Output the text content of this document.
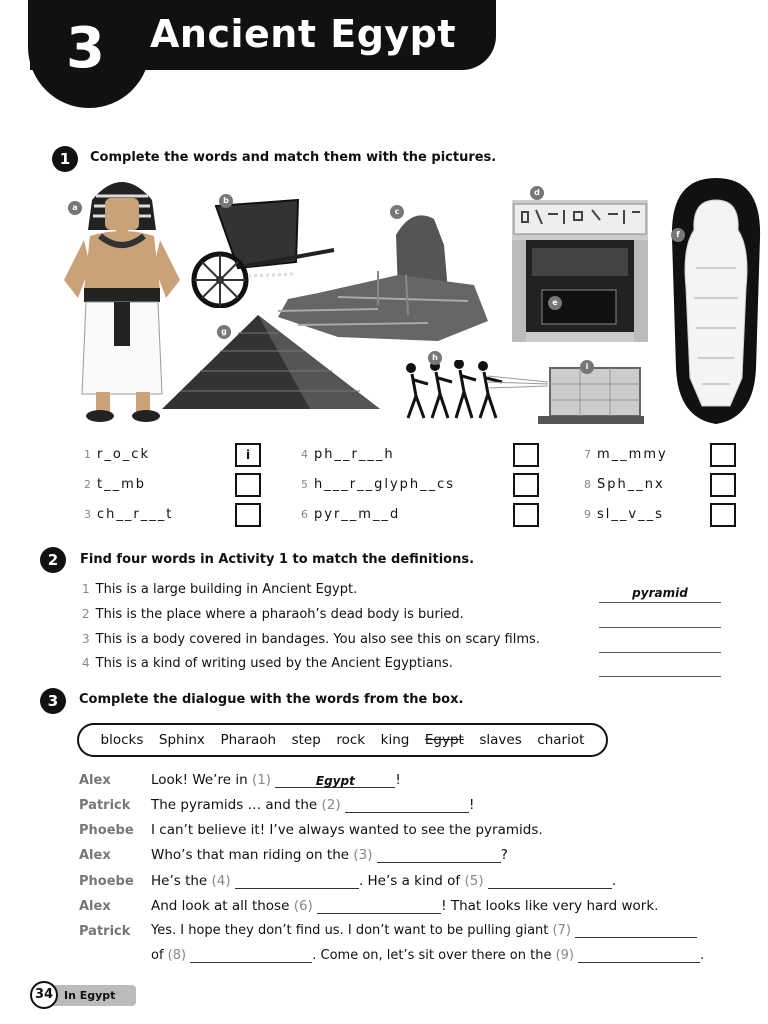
3 Ancient Egypt
1	Complete the words and match them with the pictures.
a
b
c
d
e
f
g
h
i
1 r_o_ck	i
2 t__mb
3 ch__r___t
4 ph__r___h
5 h___r__glyph__cs
6 pyr__m__d
7 m__mmy
8 Sph__nx
9 sl__v__s
2	Find four words in Activity 1 to match the definitions.
1 This is a large building in Ancient Egypt.	pyramid
2 This is the place where a pharaoh’s dead body is buried.
3 This is a body covered in bandages. You also see this on scary films.
4 This is a kind of writing used by the Ancient Egyptians.
3	Complete the dialogue with the words from the box.
blocks Sphinx Pharaoh step rock king Egypt slaves chariot
Alex	Look! We’re in (1)	Egypt	!
Patrick The pyramids … and the (2)	!
Phoebe I can’t believe it! I’ve always wanted to see the pyramids.
Alex	Who’s that man riding on the (3)	?
Phoebe He’s the (4)	. He’s a kind of (5)	.
Alex	And look at all those (6)	! That looks like very hard work.
Patrick Yes. I hope they don’t find us. I don’t want to be pulling giant (7)
of (8)	. Come on, let’s sit over there on the (9)	.
34 In Egypt
